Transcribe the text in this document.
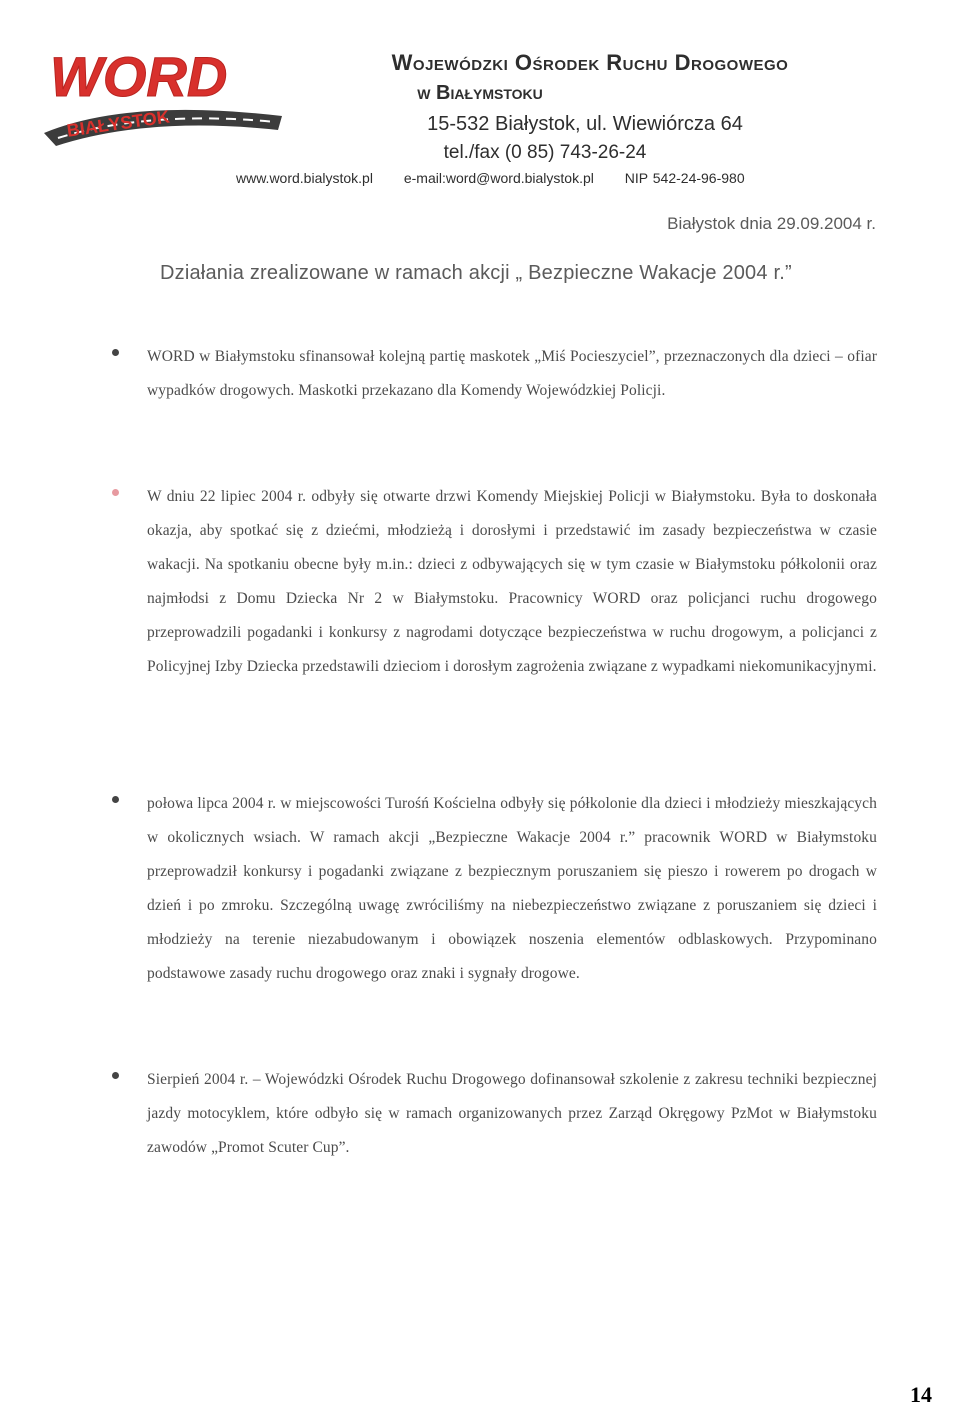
WORD
BIAŁYSTOK
Wojewódzki Ośrodek Ruchu Drogowego
w Białymstoku
15-532 Białystok, ul. Wiewiórcza 64
tel./fax (0 85) 743-26-24
www.word.bialystok.pl e-mail:word@word.bialystok.pl NIP 542-24-96-980
Białystok dnia 29.09.2004 r.
Działania zrealizowane w ramach akcji „ Bezpieczne Wakacje 2004 r.”
WORD w Białymstoku sfinansował kolejną partię maskotek „Miś Pocieszyciel”, przeznaczonych dla dzieci – ofiar wypadków drogowych. Maskotki przekazano dla Komendy Wojewódzkiej Policji.
W dniu 22 lipiec 2004 r. odbyły się otwarte drzwi Komendy Miejskiej Policji w Białymstoku. Była to doskonała okazja, aby spotkać się z dziećmi, młodzieżą i dorosłymi i przedstawić im zasady bezpieczeństwa w czasie wakacji. Na spotkaniu obecne były m.in.: dzieci z odbywających się w tym czasie w Białymstoku półkolonii oraz najmłodsi z Domu Dziecka Nr 2 w Białymstoku. Pracownicy WORD oraz policjanci ruchu drogowego przeprowadzili pogadanki i konkursy z nagrodami dotyczące bezpieczeństwa w ruchu drogowym, a policjanci z Policyjnej Izby Dziecka przedstawili dzieciom i dorosłym zagrożenia związane z wypadkami niekomunikacyjnymi.
połowa lipca 2004 r. w miejscowości Turośń Kościelna odbyły się półkolonie dla dzieci i młodzieży mieszkających w okolicznych wsiach. W ramach akcji „Bezpieczne Wakacje 2004 r.” pracownik WORD w Białymstoku przeprowadził konkursy i pogadanki związane z bezpiecznym poruszaniem się pieszo i rowerem po drogach w dzień i po zmroku. Szczególną uwagę zwróciliśmy na niebezpieczeństwo związane z poruszaniem się dzieci i młodzieży na terenie niezabudowanym i obowiązek noszenia elementów odblaskowych. Przypominano podstawowe zasady ruchu drogowego oraz znaki i sygnały drogowe.
Sierpień 2004 r. – Wojewódzki Ośrodek Ruchu Drogowego dofinansował szkolenie z zakresu techniki bezpiecznej jazdy motocyklem, które odbyło się w ramach organizowanych przez Zarząd Okręgowy PzMot w Białymstoku zawodów „Promot Scuter Cup”.
14
